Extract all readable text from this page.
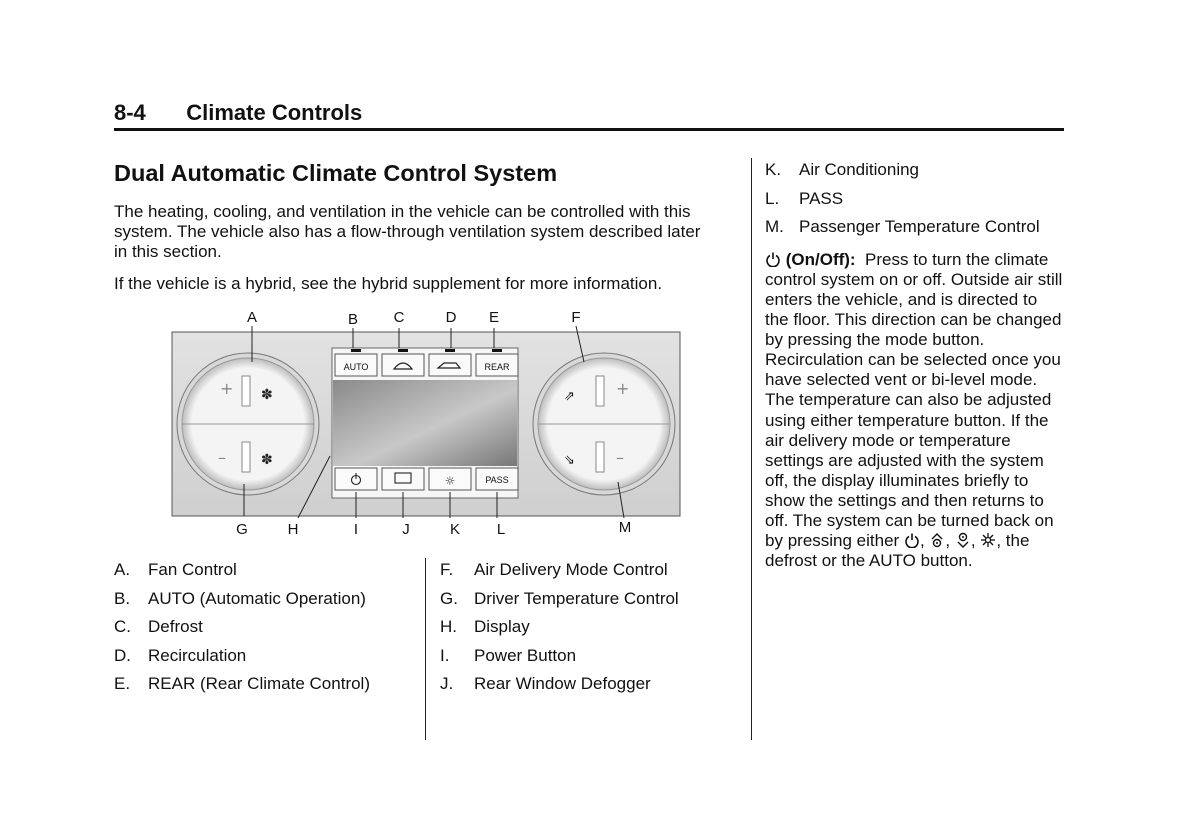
8-4 Climate Controls
Dual Automatic Climate Control System

The heating, cooling, and ventilation in the vehicle can be controlled with this system. The vehicle also has a flow-through ventilation system described later in this section.

If the vehicle is a hybrid, see the hybrid supplement for more information.

+
–
✽
✽
+
–
⇗
⇘
AUTO	REAR
☼	PASS
A	B	C	D	E	F
G	H	I	J	K	L	M
A. Fan Control
B. AUTO (Automatic Operation)
C. Defrost
D. Recirculation
E. REAR (Rear Climate Control)
F. Air Delivery Mode Control
G. Driver Temperature Control
H. Display
I. Power Button
J. Rear Window Defogger
K. Air Conditioning
L. PASS
M. Passenger Temperature Control

(On/Off): Press to turn the climate control system on or off. Outside air still enters the vehicle, and is directed to the floor. This direction can be changed by pressing the mode button. Recirculation can be selected once you have selected vent or bi-level mode. The temperature can also be adjusted using either temperature button. If the air delivery mode or temperature settings are adjusted with the system off, the display illuminates briefly to show the settings and then returns to off. The system can be turned back on by pressing either , , , , the defrost or the AUTO button.
